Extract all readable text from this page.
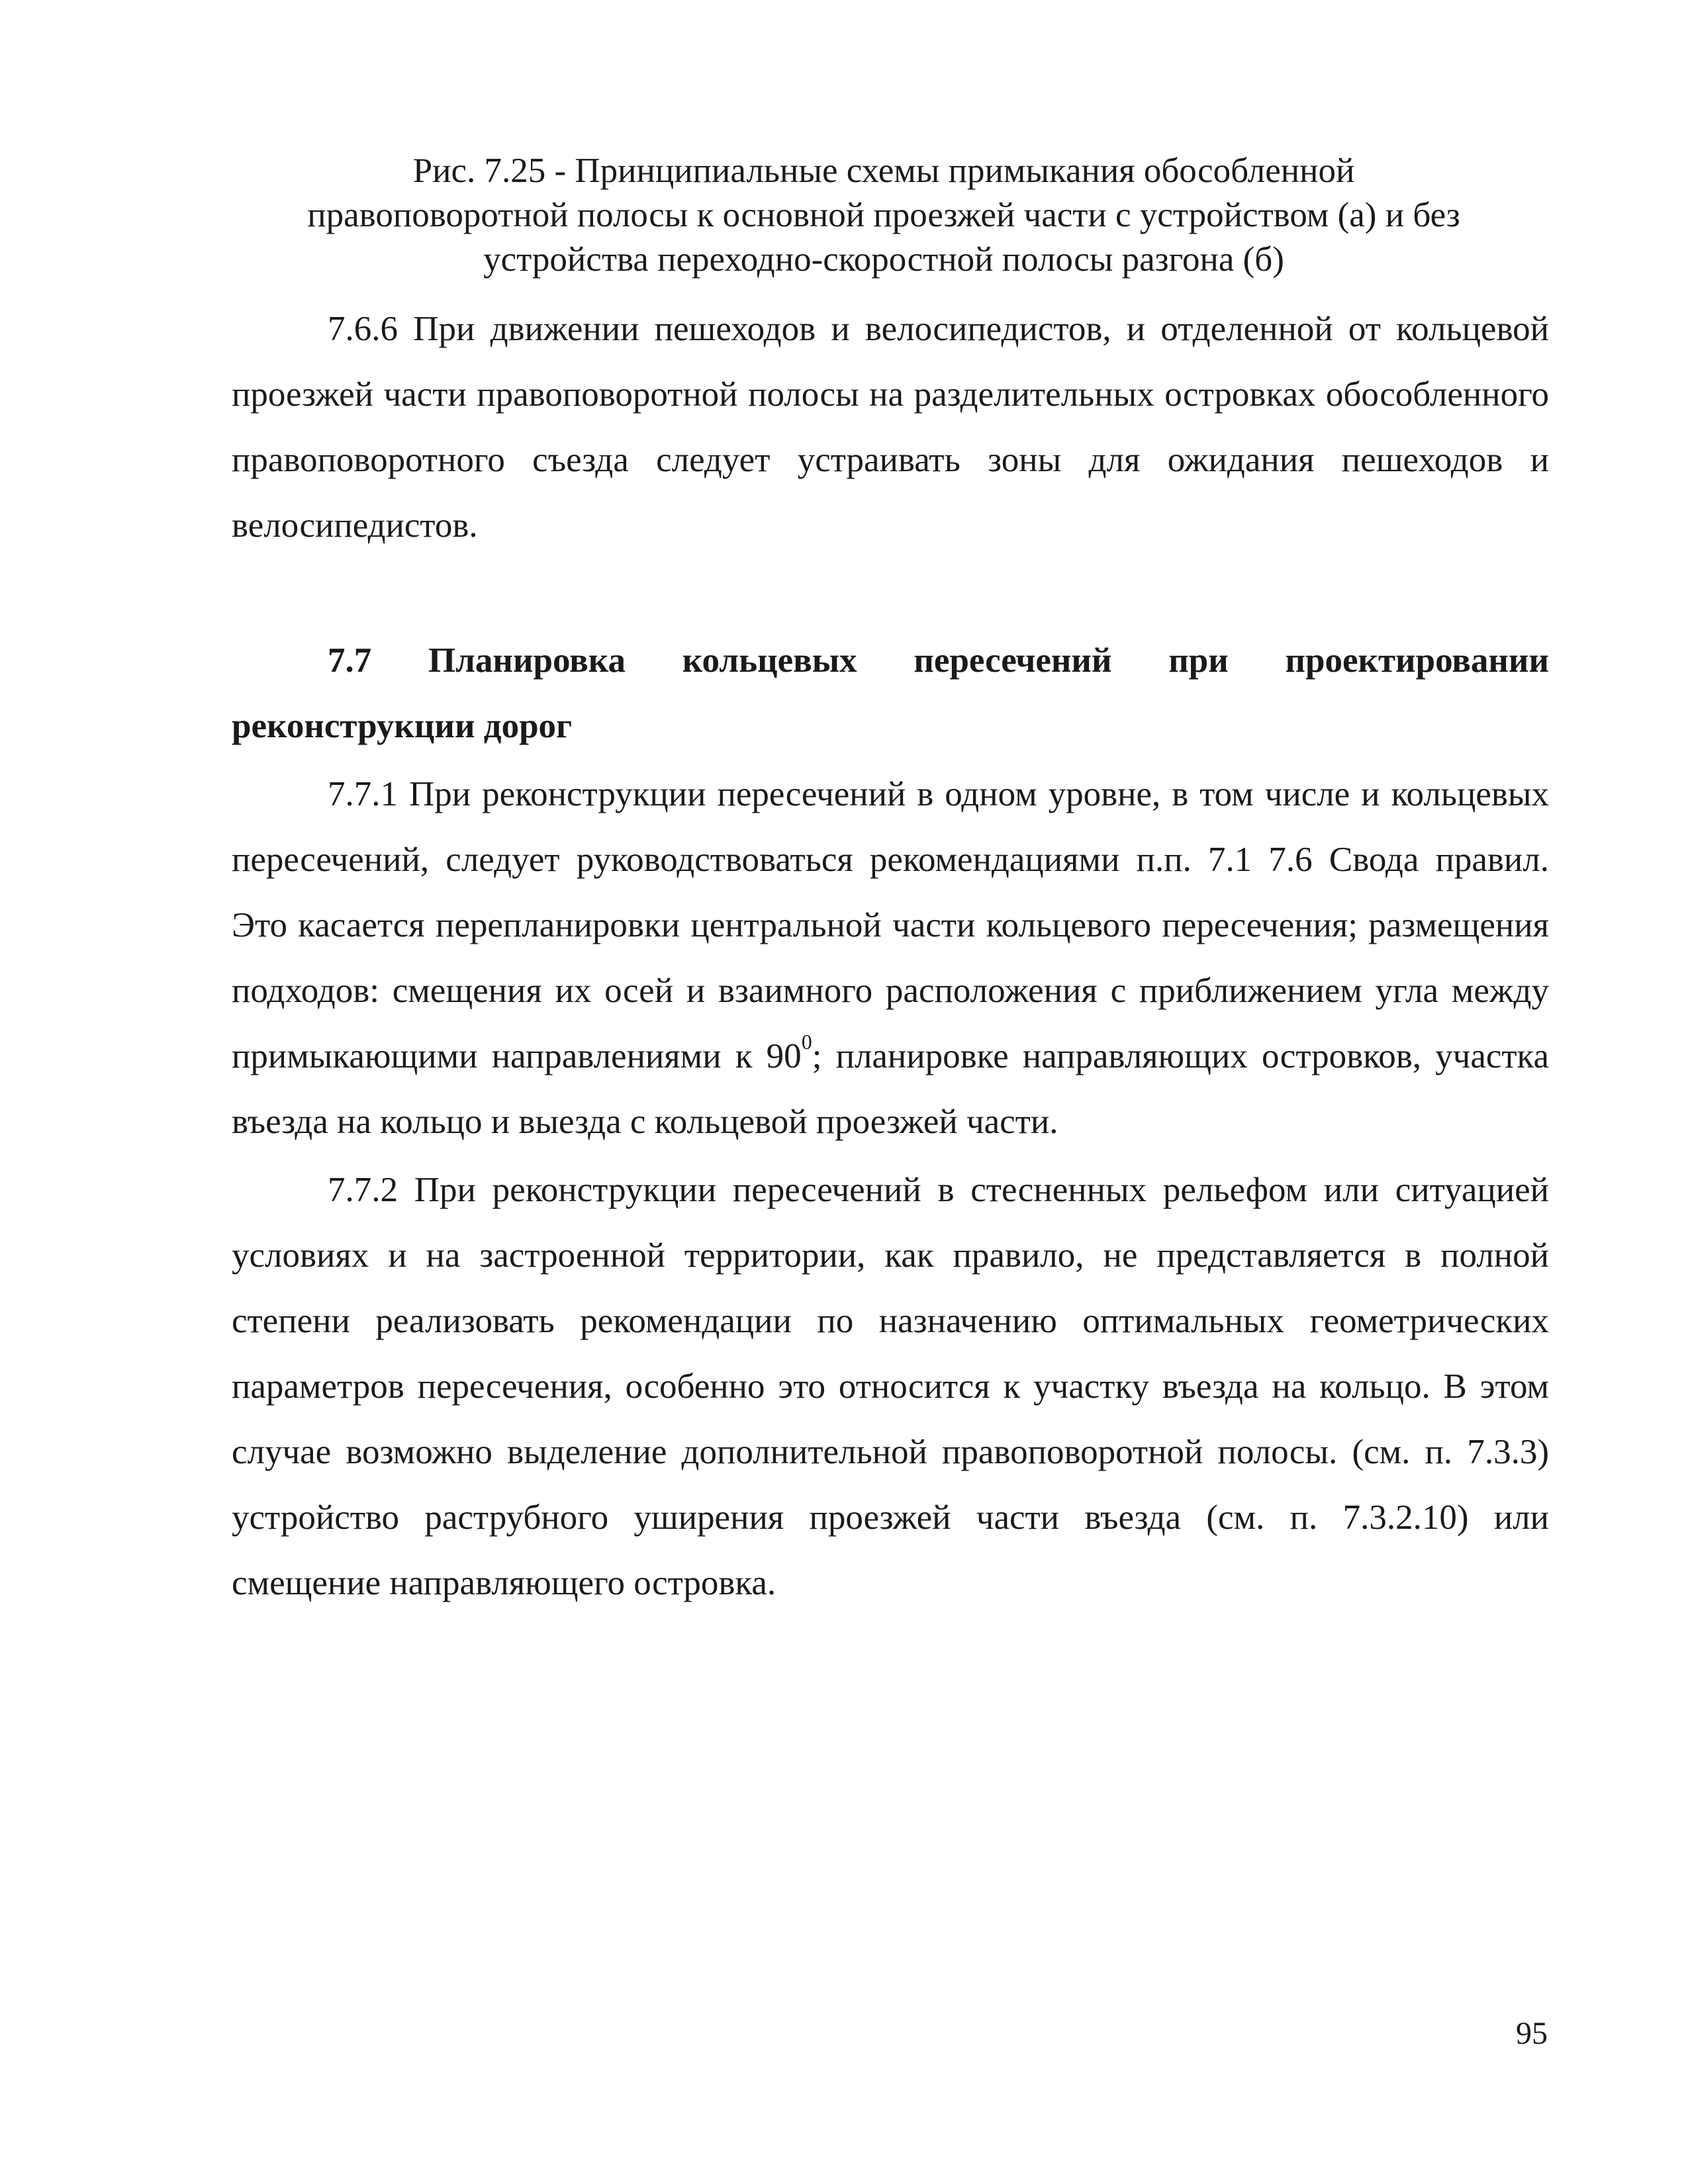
Рис. 7.25 - Принципиальные схемы примыкания обособленной
правоповоротной полосы к основной проезжей части с устройством (а) и без
устройства переходно-скоростной полосы разгона (б)

7.6.6 При движении пешеходов и велосипедистов, и отделенной от кольцевой проезжей части правоповоротной полосы на разделительных островках обособленного правоповоротного съезда следует устраивать зоны для ожидания пешеходов и велосипедистов.

7.7 Планировка кольцевых пересечений при проектировании реконструкции дорог

7.7.1 При реконструкции пересечений в одном уровне, в том числе и кольцевых пересечений, следует руководствоваться рекомендациями п.п. 7.1 7.6 Свода правил. Это касается перепланировки центральной части кольцевого пересечения; размещения подходов: смещения их осей и взаимного расположения с приближением угла между примыкающими направлениями к $90^0$; планировке направляющих островков, участка въезда на кольцо и выезда с кольцевой проезжей части.

7.7.2 При реконструкции пересечений в стесненных рельефом или ситуацией условиях и на застроенной территории, как правило, не представляется в полной степени реализовать рекомендации по назначению оптимальных геометрических параметров пересечения, особенно это относится к участку въезда на кольцо. В этом случае возможно выделение дополнительной правоповоротной полосы. (см. п. 7.3.3) устройство раструбного уширения проезжей части въезда (см. п. 7.3.2.10) или смещение направляющего островка.

95
